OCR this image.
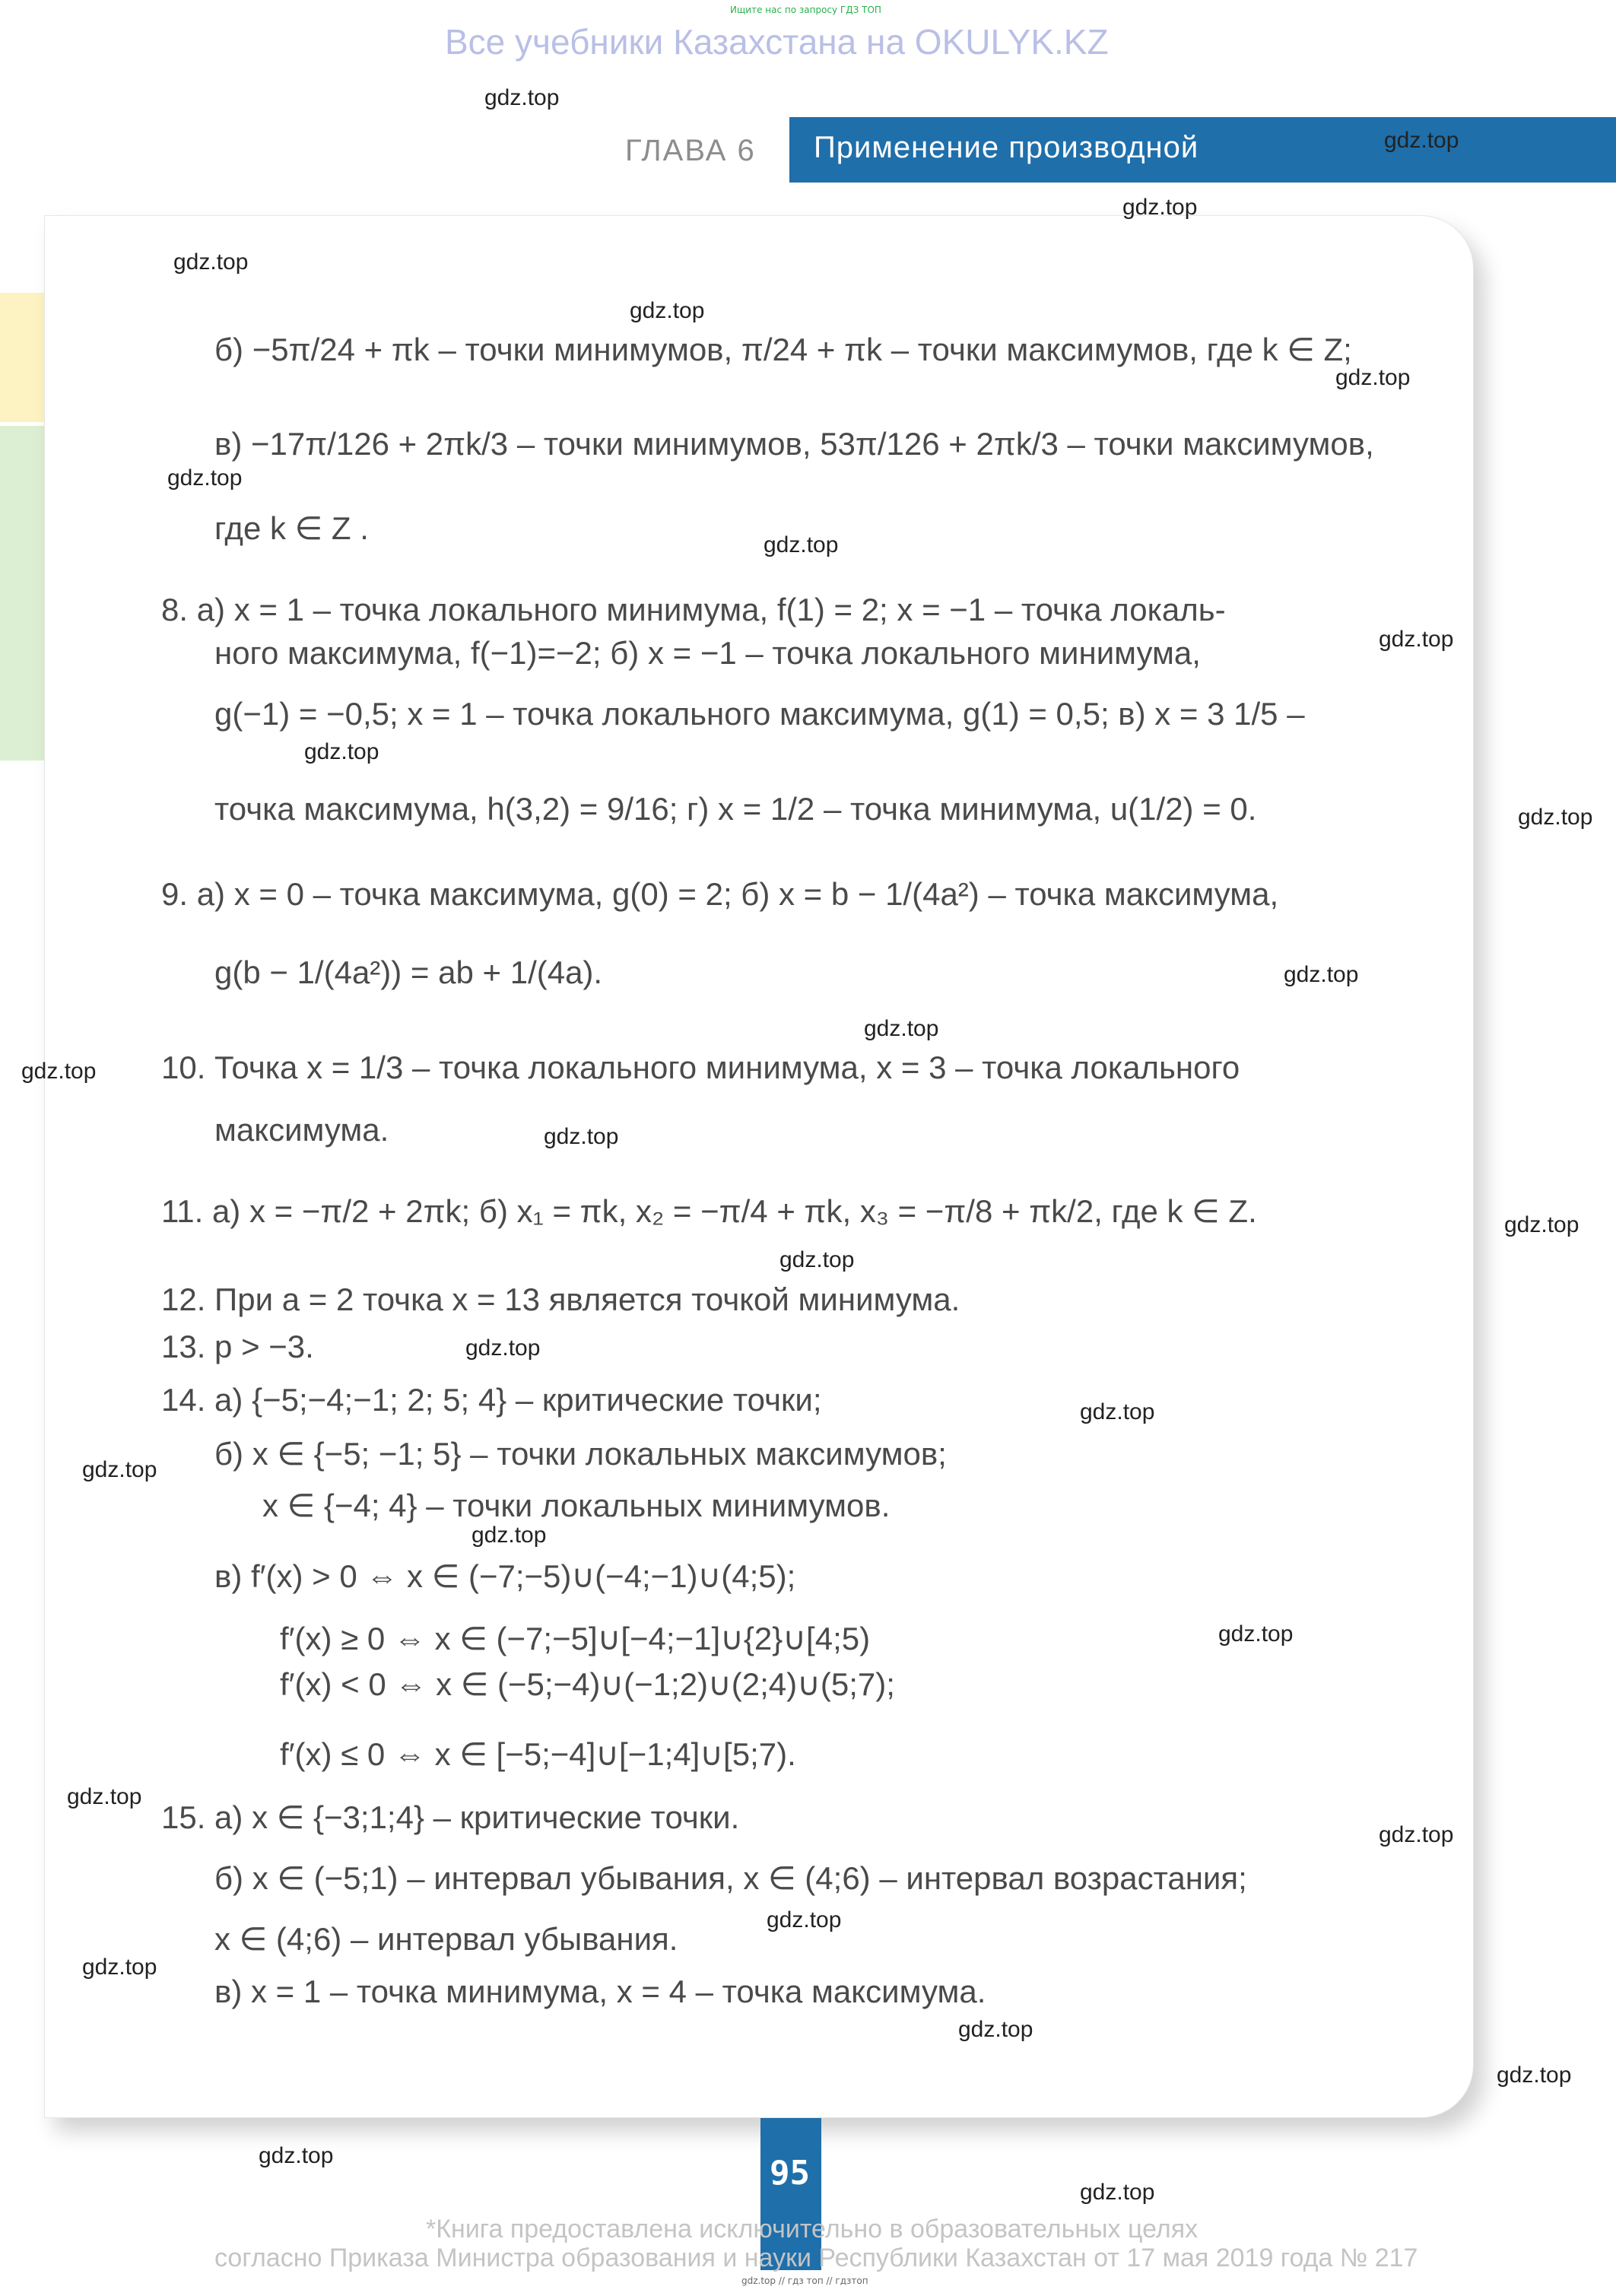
Ищите нас по запросу ГДЗ ТОП
Все учебники Казахстана на OKULYK.KZ
ГЛАВА 6 Применение производной
б) −5π/24 + πk – точки минимумов, π/24 + πk – точки максимумов, где k ∈ Z;
в) −17π/126 + 2πk/3 – точки минимумов, 53π/126 + 2πk/3 – точки максимумов,
где k ∈ Z .
8. а) x = 1 – точка локального минимума, f(1) = 2; x = −1 – точка локаль-
ного максимума, f(−1)=−2; б) x = −1 – точка локального минимума,
g(−1) = −0,5; x = 1 – точка локального максимума, g(1) = 0,5; в) x = 3 1/5 –
точка максимума, h(3,2) = 9/16; г) x = 1/2 – точка минимума, u(1/2) = 0.
9. а) x = 0 – точка максимума, g(0) = 2; б) x = b − 1/(4a²) – точка максимума,
g(b − 1/(4a²)) = ab + 1/(4a).
10. Точка x = 1/3 – точка локального минимума, x = 3 – точка локального
максимума.
11. а) x = −π/2 + 2πk; б) x₁ = πk, x₂ = −π/4 + πk, x₃ = −π/8 + πk/2, где k ∈ Z.
12. При a = 2 точка x = 13 является точкой минимума.
13. p > −3.
14. а) {−5;−4;−1; 2; 5; 4} – критические точки;
б) x ∈ {−5; −1; 5} – точки локальных максимумов;
x ∈ {−4; 4} – точки локальных минимумов.
в) f′(x) > 0 ⇔ x ∈ (−7;−5)∪(−4;−1)∪(4;5);
f′(x) ≥ 0 ⇔ x ∈ (−7;−5]∪[−4;−1]∪{2}∪[4;5)
f′(x) < 0 ⇔ x ∈ (−5;−4)∪(−1;2)∪(2;4)∪(5;7);
f′(x) ≤ 0 ⇔ x ∈ [−5;−4]∪[−1;4]∪[5;7).
15. а) x ∈ {−3;1;4} – критические точки.
б) x ∈ (−5;1) – интервал убывания, x ∈ (4;6) – интервал возрастания;
x ∈ (4;6) – интервал убывания.
в) x = 1 – точка минимума, x = 4 – точка максимума.
gdz.top
gdz.top
gdz.top
gdz.top
gdz.top
gdz.top
gdz.top
gdz.top
gdz.top
gdz.top
gdz.top
gdz.top
gdz.top
gdz.top
gdz.top
gdz.top
gdz.top
gdz.top
gdz.top
gdz.top
gdz.top
gdz.top
gdz.top
gdz.top
gdz.top
gdz.top
gdz.top
gdz.top
gdz.top
gdz.top
95
*Книга предоставлена исключительно в образовательных целях
согласно Приказа Министра образования и науки Республики Казахстан от 17 мая 2019 года № 217
gdz.top // гдз топ // гдзтоп
